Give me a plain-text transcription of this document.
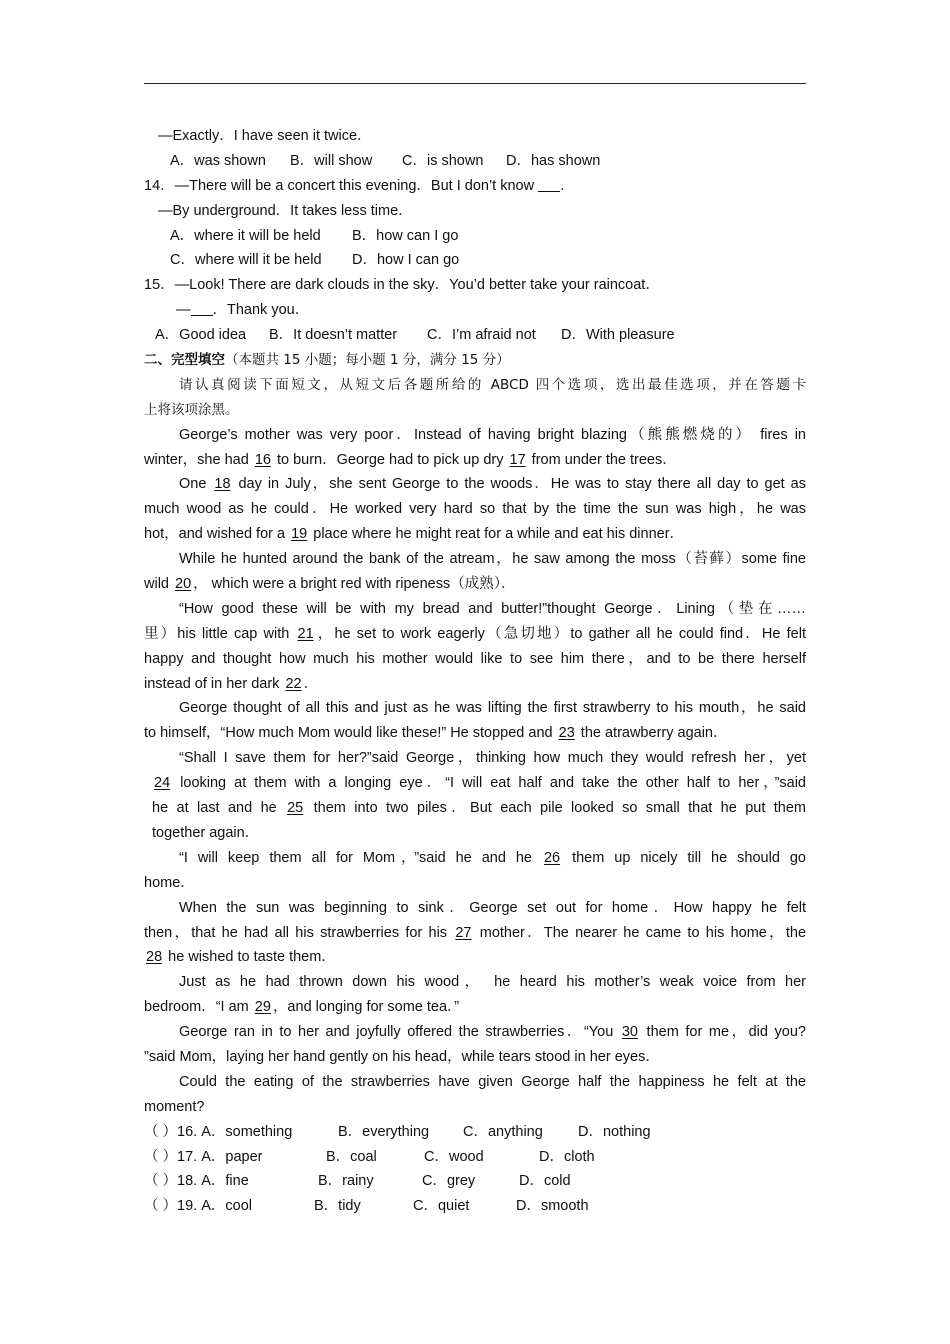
—Exactly．I have seen it twice．
A．was shown B．will show C．is shown D．has shown
14．—There will be a concert this evening．But I don’t know ．
—By underground．It takes less time．
A．where it will be held B．how can I go
C．where will it be held D．how I can go
15．—Look! There are dark clouds in the sky．You’d better take your raincoat．
— ．Thank you．
A．Good idea B．It doesn’t matter C．I’m afraid not D．With pleasure
二、完型填空（本题共 15 小题；每小题 1 分，满分 15 分）
请认真阅读下面短文，从短文后各题所给的 ABCD 四个选项，选出最佳选项，并在答题卡
上将该项涂黑。
George’s mother was very poor．Instead of having bright blazing（熊熊燃烧的） fires in
winter，she had 16 to burn．George had to pick up dry 17 from under the trees．
One 18 day in July，she sent George to the woods．He was to stay there all day to get as
much wood as he could．He worked very hard so that by the time the sun was high，he was
hot，and wished for a 19 place where he might reat for a while and eat his dinner．
While he hunted around the bank of the atream，he saw among the moss（苔藓）some fine
wild 20 ， which were a bright red with ripeness（成熟）．
“How good these will be with my bread and butter!”thought George．Lining（垫在……
里）his little cap with 21 ，he set to work eagerly（急切地）to gather all he could find．He felt
happy and thought how much his mother would like to see him there，and to be there herself
instead of in her dark 22 ．
George thought of all this and just as he was lifting the first strawberry to his mouth，he said
to himself，“How much Mom would like these!” He stopped and 23 the atrawberry again．
“Shall I save them for her?”said George，thinking how much they would refresh her，yet
24 looking at them with a longing eye．“I will eat half and take the other half to her，”said
he at last and he 25 them into two piles．But each pile looked so small that he put them
together again．
“I will keep them all for Mom，”said he and he 26 them up nicely till he should go
home．
When the sun was beginning to sink．George set out for home．How happy he felt
then，that he had all his strawberries for his 27 mother．The nearer he came to his home，the
28 he wished to taste them．
Just as he had thrown down his wood， he heard his mother’s weak voice from her
bedroom．“I am 29 ，and longing for some tea．”
George ran in to her and joyfully offered the strawberries．“You 30 them for me，did you?
”said Mom，laying her hand gently on his head，while tears stood in her eyes．
Could the eating of the strawberries have given George half the happiness he felt at the
moment?
（ ）16. A．something	B．everything C．anything D．nothing
（ ）17. A．paper	B．coal	C．wood	D．cloth
（ ）18. A．fine	B．rainy	C．grey	D．cold
（ ）19. A．cool	B．tidy	C．quiet	D．smooth
